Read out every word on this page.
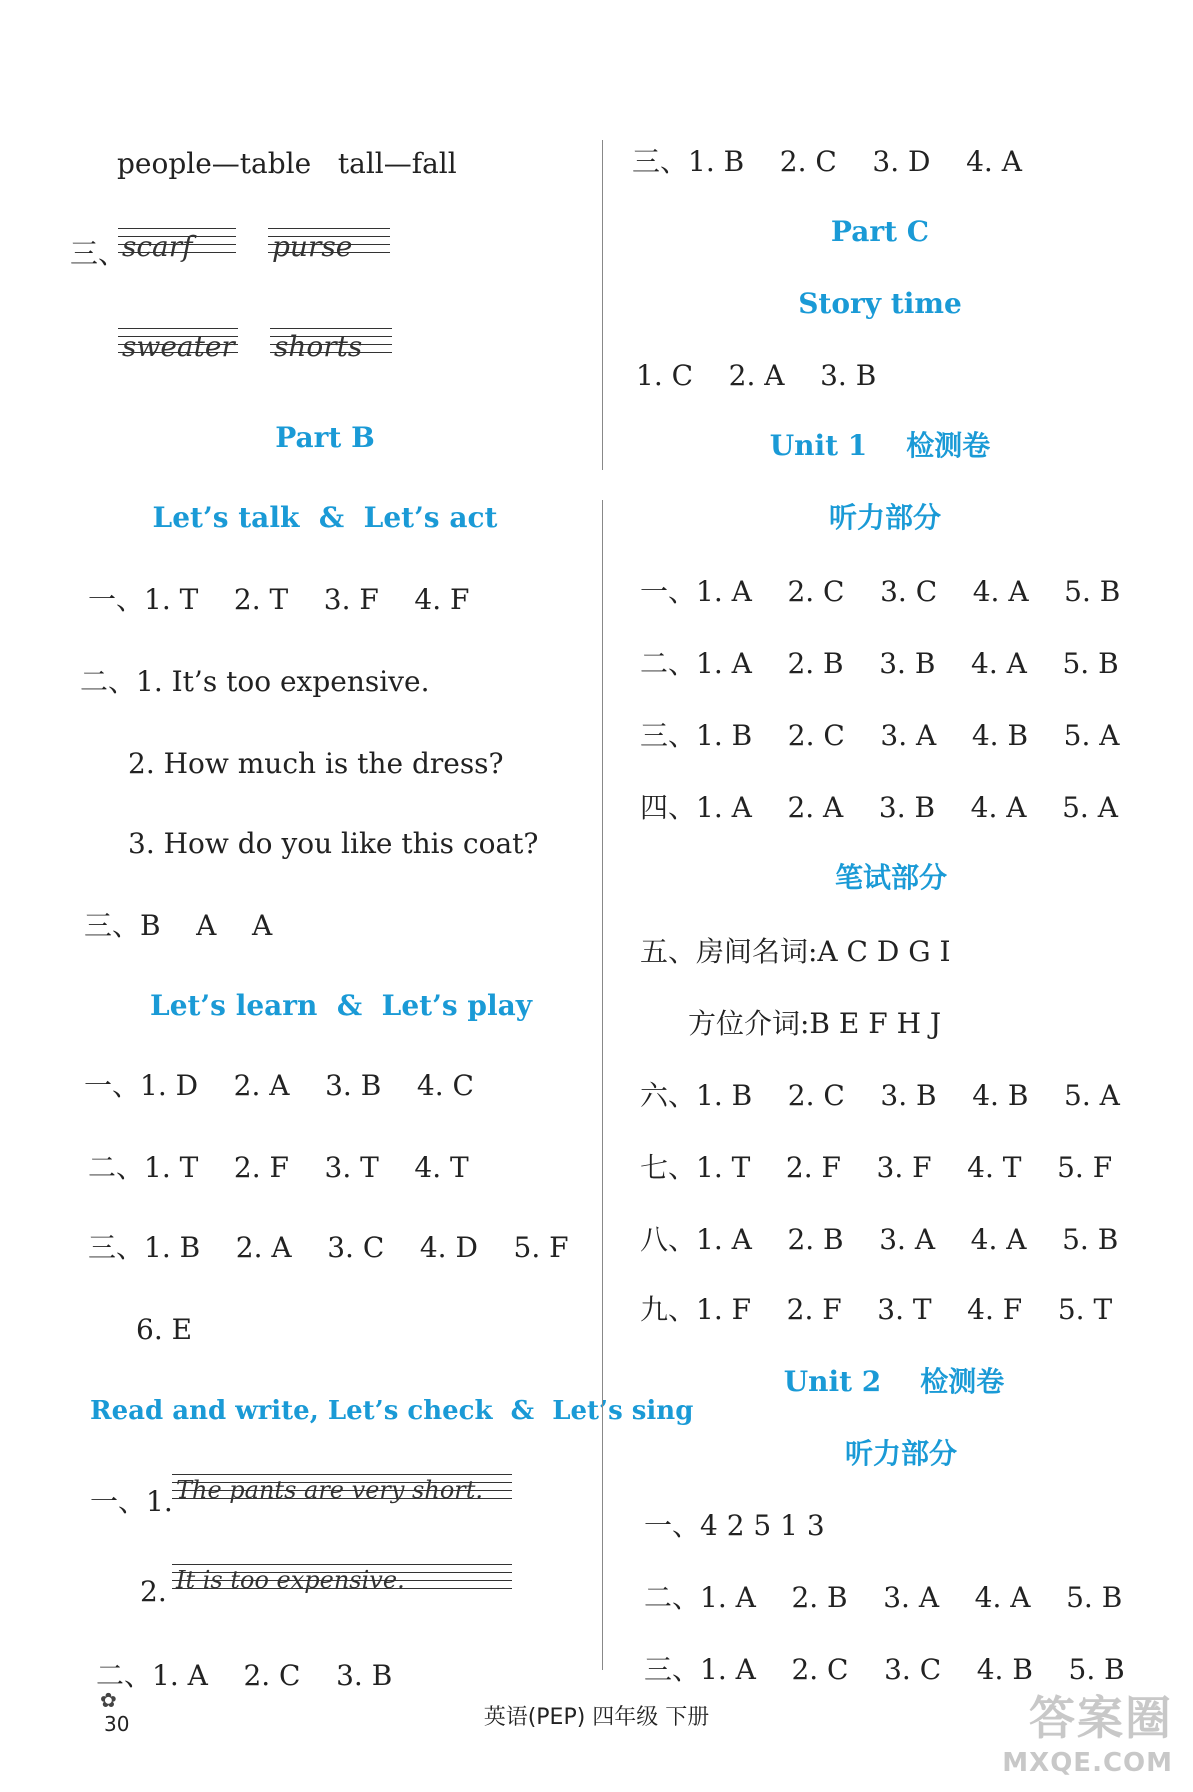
people—table   tall—fall
三、
scarf	purse
sweater shorts
Part B
Let’s talk  &  Let’s act
一、1. T    2. T    3. F    4. F
二、1. It’s too expensive.
2. How much is the dress?
3. How do you like this coat?
三、B    A    A
Let’s learn  &  Let’s play
一、1. D    2. A    3. B    4. C
二、1. T    2. F    3. T    4. T
三、1. B    2. A    3. C    4. D    5. F
6. E
Read and write, Let’s check  &  Let’s sing
一、1. The pants are very short.
2. It is too expensive.
二、1. A    2. C    3. B
三、1. B    2. C    3. D    4. A
Part C
Story time
1. C    2. A    3. B
Unit 1    检测卷
听力部分
一、1. A    2. C    3. C    4. A    5. B
二、1. A    2. B    3. B    4. A    5. B
三、1. B    2. C    3. A    4. B    5. A
四、1. A    2. A    3. B    4. A    5. A
笔试部分
五、房间名词:A C D G I
方位介词:B E F H J
六、1. B    2. C    3. B    4. B    5. A
七、1. T    2. F    3. F    4. T    5. F
八、1. A    2. B    3. A    4. A    5. B
九、1. F    2. F    3. T    4. F    5. T
Unit 2    检测卷
听力部分
一、4 2 5 1 3
二、1. A    2. B    3. A    4. A    5. B
三、1. A    2. C    3. C    4. B    5. B
英语(PEP) 四年级 下册
✿
30	答案圈
MXQE.COM
